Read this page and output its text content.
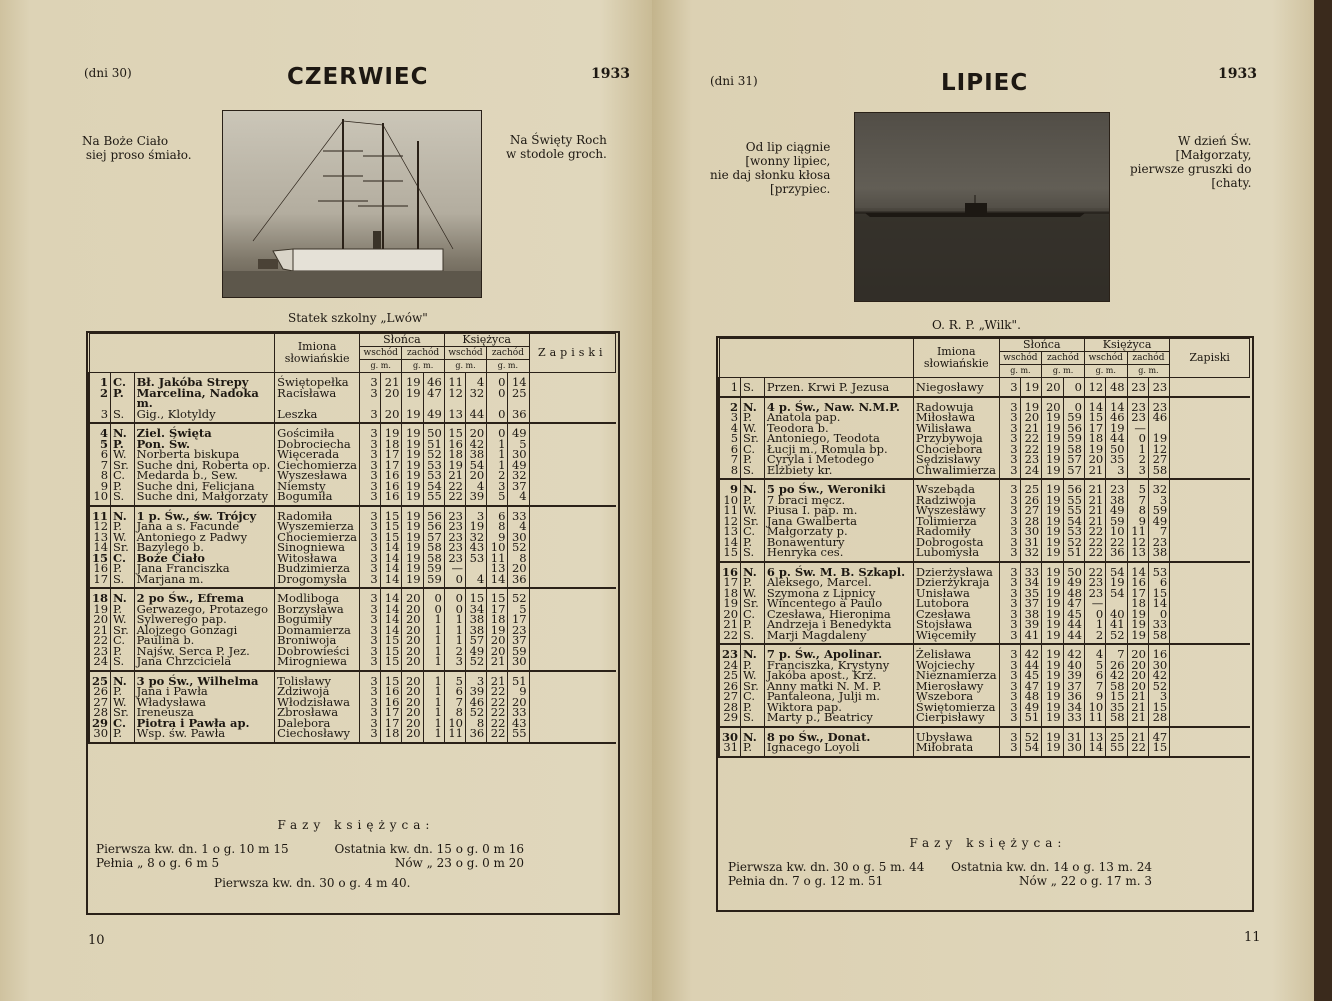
(dni 30)	CZERWIEC	1933
Na Boże Ciało
siej proso śmiało.
Na Święty Roch
w stodole groch.
Statek szkolny „Lwów"
			Imiona słowiańskie	Słońca				Księżyca				Zapiski
				wschód		zachód		wschód		zachód		
				g. m.		g. m.		g. m.		g. m.		
1	C.	Bł. Jakóba Strepy	Świętopełka	3	21	19	46	11	4	0	14	
2	P.	Marcelina, Nadoka m.	Racisława	3	20	19	47	12	32	0	25	
3	S.	Gig., Klotyldy	Leszka	3	20	19	49	13	44	0	36	
4	N.	Ziel. Święta	Gościmiła	3	19	19	50	15	20	0	49	
5	P.	Pon. Św.	Dobrociecha	3	18	19	51	16	42	1	5	
6	W.	Norberta biskupa	Więcerada	3	17	19	52	18	38	1	30	
7	Sr.	Suche dni, Roberta op.	Ciechomierza	3	17	19	53	19	54	1	49	
8	C.	Medarda b., Sew.	Wyszesława	3	16	19	53	21	20	2	32	
9	P.	Suche dni, Felicjana	Niemsty	3	16	19	54	22	4	3	37	
10	S.	Suche dni, Małgorzaty	Bogumiła	3	16	19	55	22	39	5	4	
11	N.	1 p. Św., św. Trójcy	Radomiła	3	15	19	56	23	3	6	33	
12	P.	Jana a s. Facunde	Wyszemierza	3	15	19	56	23	19	8	4	
13	W.	Antoniego z Padwy	Chociemierza	3	15	19	57	23	32	9	30	
14	Sr.	Bazylego b.	Sinogniewa	3	14	19	58	23	43	10	52	
15	C.	Boże Ciało	Witosława	3	14	19	58	23	53	11	8	
16	P.	Jana Franciszka	Budzimierza	3	14	19	59	—		13	20	
17	S.	Marjana m.	Drogomysła	3	14	19	59	0	4	14	36	
18	N.	2 po Św., Efrema	Modliboga	3	14	20	0	0	15	15	52	
19	P.	Gerwazego, Protazego	Borzysława	3	14	20	0	0	34	17	5	
20	W.	Sylwerego pap.	Bogumiły	3	14	20	1	1	38	18	17	
21	Sr.	Alojzego Gonzagi	Domamierza	3	14	20	1	1	38	19	23	
22	C.	Paulina b.	Broniwoja	3	15	20	1	1	57	20	37	
23	P.	Najśw. Serca P. Jez.	Dobrowieści	3	15	20	1	2	49	20	59	
24	S.	Jana Chrzciciela	Mirogniewa	3	15	20	1	3	52	21	30	
25	N.	3 po Św., Wilhelma	Tolisławy	3	15	20	1	5	3	21	51	
26	P.	Jana i Pawła	Zdziwoja	3	16	20	1	6	39	22	9	
27	W.	Władysława	Włodzisława	3	16	20	1	7	46	22	20	
28	Sr.	Ireneusza	Zbrosława	3	17	20	1	8	52	22	33	
29	C.	Piotra i Pawła ap.	Dalebora	3	17	20	1	10	8	22	43	
30	P.	Wsp. św. Pawła	Ciechosławy	3	18	20	1	11	36	22	55	
Fazy księżyca:
Pierwsza kw. dn. 1 o g. 10 m 15	Ostatnia kw. dn. 15 o g. 0 m 16
Pełnia „ 8 o g. 6 m 5	Nów „ 23 o g. 0 m 20
Pierwsza kw. dn. 30 o g. 4 m 40.
10
(dni 31)	LIPIEC	1933
Od lip ciągnie
[wonny lipiec,
nie daj słonku kłosa
[przypiec.
W dzień Św.
[Małgorzaty,
pierwsze gruszki do
[chaty.
O. R. P. „Wilk".
			Imiona słowiańskie	Słońca				Księżyca				Zapiski
				wschód		zachód		wschód		zachód		
				g. m.		g. m.		g. m.		g. m.		
1	S.	Przen. Krwi P. Jezusa	Niegosławy	3	19	20	0	12	48	23	23	
2	N.	4 p. Św., Naw. N.M.P.	Radowuja	3	19	20	0	14	14	23	23	
3	P.	Anatola pap.	Miłosława	3	20	19	59	15	46	23	46	
4	W.	Teodora b.	Wilisława	3	21	19	56	17	19	—		
5	Sr.	Antoniego, Teodota	Przybywoja	3	22	19	59	18	44	0	19	
6	C.	Łucji m., Romula bp.	Chociebora	3	22	19	58	19	50	1	12	
7	P.	Cyryla i Metodego	Sędzisławy	3	23	19	57	20	35	2	27	
8	S.	Elżbiety kr.	Chwalimierza	3	24	19	57	21	3	3	58	
9	N.	5 po Św., Weroniki	Wszebąda	3	25	19	56	21	23	5	32	
10	P.	7 braci męcz.	Radziwoja	3	26	19	55	21	38	7	3	
11	W.	Piusa I. pap. m.	Wyszesławy	3	27	19	55	21	49	8	59	
12	Sr.	Jana Gwalberta	Tolimierza	3	28	19	54	21	59	9	49	
13	C.	Małgorzaty p.	Radomiły	3	30	19	53	22	10	11	7	
14	P.	Bonawentury	Dobrogosta	3	31	19	52	22	22	12	23	
15	S.	Henryka ces.	Lubomysła	3	32	19	51	22	36	13	38	
16	N.	6 p. Św. M. B. Szkapl.	Dzierżysława	3	33	19	50	22	54	14	53	
17	P.	Aleksego, Marcel.	Dzierżykraja	3	34	19	49	23	19	16	6	
18	W.	Szymona z Lipnicy	Unisława	3	35	19	48	23	54	17	15	
19	Sr.	Wincentego à Paulo	Lutobora	3	37	19	47	—		18	14	
20	C.	Czesława, Hieronima	Czesława	3	38	19	45	0	40	19	0	
21	P.	Andrzeja i Benedykta	Stojsława	3	39	19	44	1	41	19	33	
22	S.	Marji Magdaleny	Więcemiły	3	41	19	44	2	52	19	58	
23	N.	7 p. Św., Apolinar.	Żelisława	3	42	19	42	4	7	20	16	
24	P.	Franciszka, Krystyny	Wojciechy	3	44	19	40	5	26	20	30	
25	W.	Jakóba apost., Krz.	Nieznamierza	3	45	19	39	6	42	20	42	
26	Sr.	Anny matki N. M. P.	Mierosławy	3	47	19	37	7	58	20	52	
27	C.	Pantaleona, Julji m.	Wszebora	3	48	19	36	9	15	21	3	
28	P.	Wiktora pap.	Świętomierza	3	49	19	34	10	35	21	15	
29	S.	Marty p., Beatricy	Cierpisławy	3	51	19	33	11	58	21	28	
30	N.	8 po Św., Donat.	Ubysława	3	52	19	31	13	25	21	47	
31	P.	Ignacego Loyoli	Miłobrata	3	54	19	30	14	55	22	15	
Fazy księżyca:
Pierwsza kw. dn. 30 o g. 5 m. 44 Ostatnia kw. dn. 14 o g. 13 m. 24
Pełnia dn. 7 o g. 12 m. 51	Nów „ 22 o g. 17 m. 3
11
